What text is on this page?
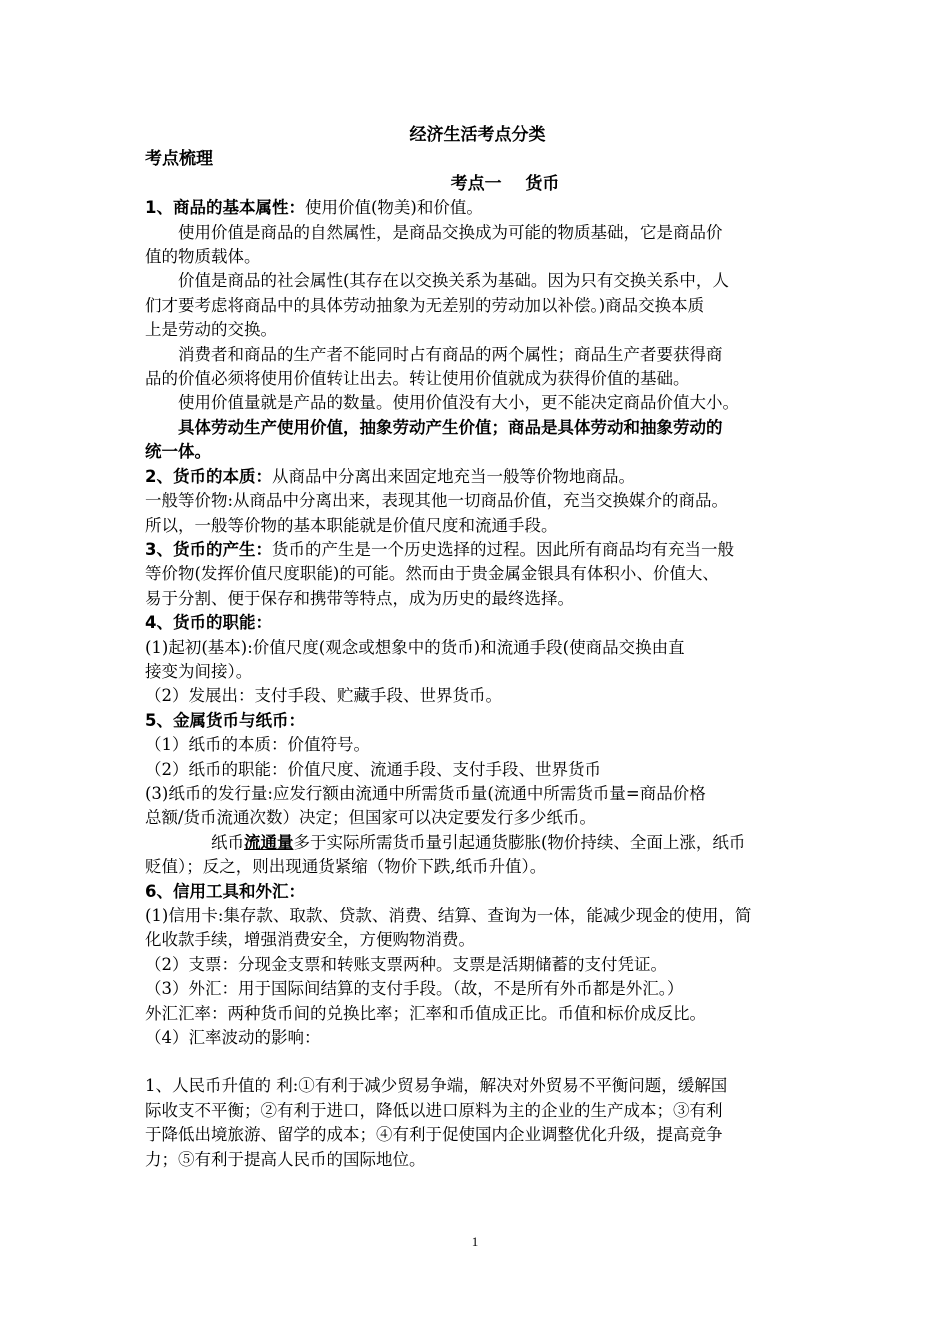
经济生活考点分类
考点梳理
考点一    货币
1、商品的基本属性：使用价值(物美)和价值。
使用价值是商品的自然属性，是商品交换成为可能的物质基础，它是商品价
值的物质载体。
价值是商品的社会属性(其存在以交换关系为基础。因为只有交换关系中，人
们才要考虑将商品中的具体劳动抽象为无差别的劳动加以补偿。)商品交换本质
上是劳动的交换。
消费者和商品的生产者不能同时占有商品的两个属性；商品生产者要获得商
品的价值必须将使用价值转让出去。转让使用价值就成为获得价值的基础。
使用价值量就是产品的数量。使用价值没有大小，更不能决定商品价值大小。
具体劳动生产使用价值，抽象劳动产生价值；商品是具体劳动和抽象劳动的
统一体。
2、货币的本质：从商品中分离出来固定地充当一般等价物地商品。
一般等价物:从商品中分离出来，表现其他一切商品价值，充当交换媒介的商品。
所以，一般等价物的基本职能就是价值尺度和流通手段。
3、货币的产生：货币的产生是一个历史选择的过程。因此所有商品均有充当一般
等价物(发挥价值尺度职能)的可能。然而由于贵金属金银具有体积小、价值大、
易于分割、便于保存和携带等特点，成为历史的最终选择。
4、货币的职能：
(1)起初(基本):价值尺度(观念或想象中的货币)和流通手段(使商品交换由直
接变为间接）。
（2）发展出：支付手段、贮藏手段、世界货币。
5、金属货币与纸币：
（1）纸币的本质：价值符号。
（2）纸币的职能：价值尺度、流通手段、支付手段、世界货币
(3)纸币的发行量:应发行额由流通中所需货币量(流通中所需货币量=商品价格
总额/货币流通次数）决定；但国家可以决定要发行多少纸币。
纸币流通量多于实际所需货币量引起通货膨胀(物价持续、全面上涨，纸币
贬值）；反之，则出现通货紧缩（物价下跌,纸币升值）。
6、信用工具和外汇：
(1)信用卡:集存款、取款、贷款、消费、结算、查询为一体，能减少现金的使用，简
化收款手续，增强消费安全，方便购物消费。
（2）支票：分现金支票和转账支票两种。支票是活期储蓄的支付凭证。
（3）外汇：用于国际间结算的支付手段。（故，不是所有外币都是外汇。）
外汇汇率：两种货币间的兑换比率；汇率和币值成正比。币值和标价成反比。
（4）汇率波动的影响：
1、人民币升值的 利:①有利于减少贸易争端，解决对外贸易不平衡问题，缓解国
际收支不平衡；②有利于进口，降低以进口原料为主的企业的生产成本；③有利
于降低出境旅游、留学的成本；④有利于促使国内企业调整优化升级，提高竞争
力；⑤有利于提高人民币的国际地位。
1
